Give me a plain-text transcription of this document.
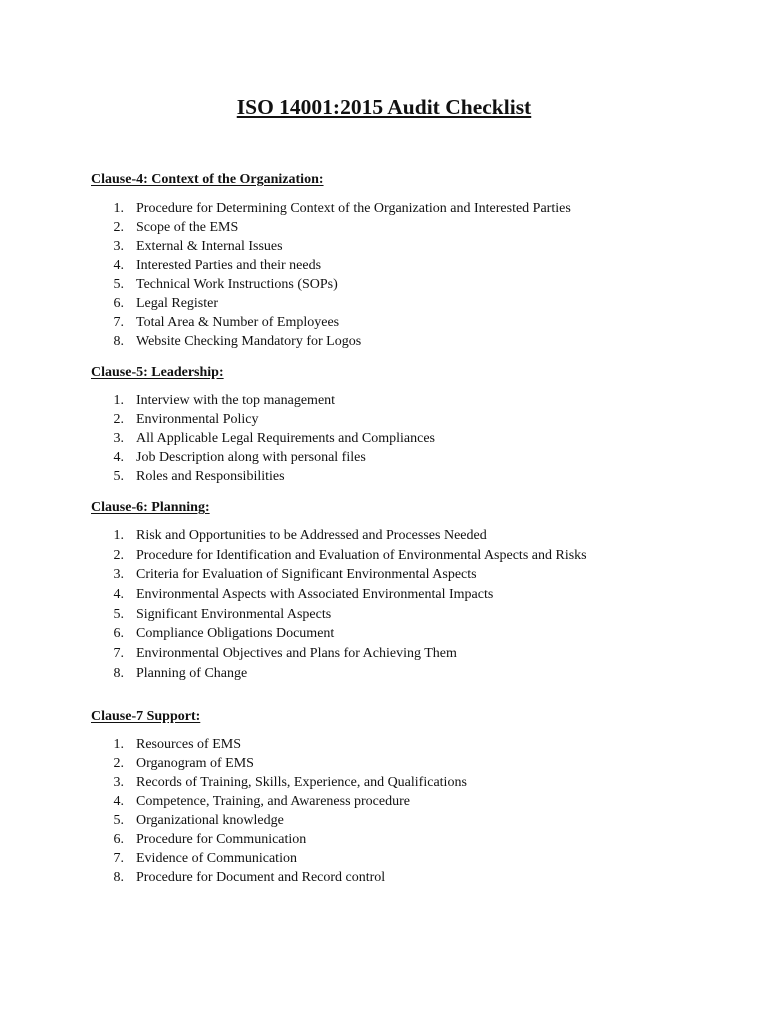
ISO 14001:2015 Audit Checklist
Clause-4: Context of the Organization:
1. Procedure for Determining Context of the Organization and Interested Parties
2. Scope of the EMS
3. External & Internal Issues
4. Interested Parties and their needs
5. Technical Work Instructions (SOPs)
6. Legal Register
7. Total Area & Number of Employees
8. Website Checking Mandatory for Logos
Clause-5: Leadership:
1. Interview with the top management
2. Environmental Policy
3. All Applicable Legal Requirements and Compliances
4. Job Description along with personal files
5. Roles and Responsibilities
Clause-6: Planning:
1. Risk and Opportunities to be Addressed and Processes Needed
2. Procedure for Identification and Evaluation of Environmental Aspects and Risks
3. Criteria for Evaluation of Significant Environmental Aspects
4. Environmental Aspects with Associated Environmental Impacts
5. Significant Environmental Aspects
6. Compliance Obligations Document
7. Environmental Objectives and Plans for Achieving Them
8. Planning of Change
Clause-7 Support:
1. Resources of EMS
2. Organogram of EMS
3. Records of Training, Skills, Experience, and Qualifications
4. Competence, Training, and Awareness procedure
5. Organizational knowledge
6. Procedure for Communication
7. Evidence of Communication
8. Procedure for Document and Record control
